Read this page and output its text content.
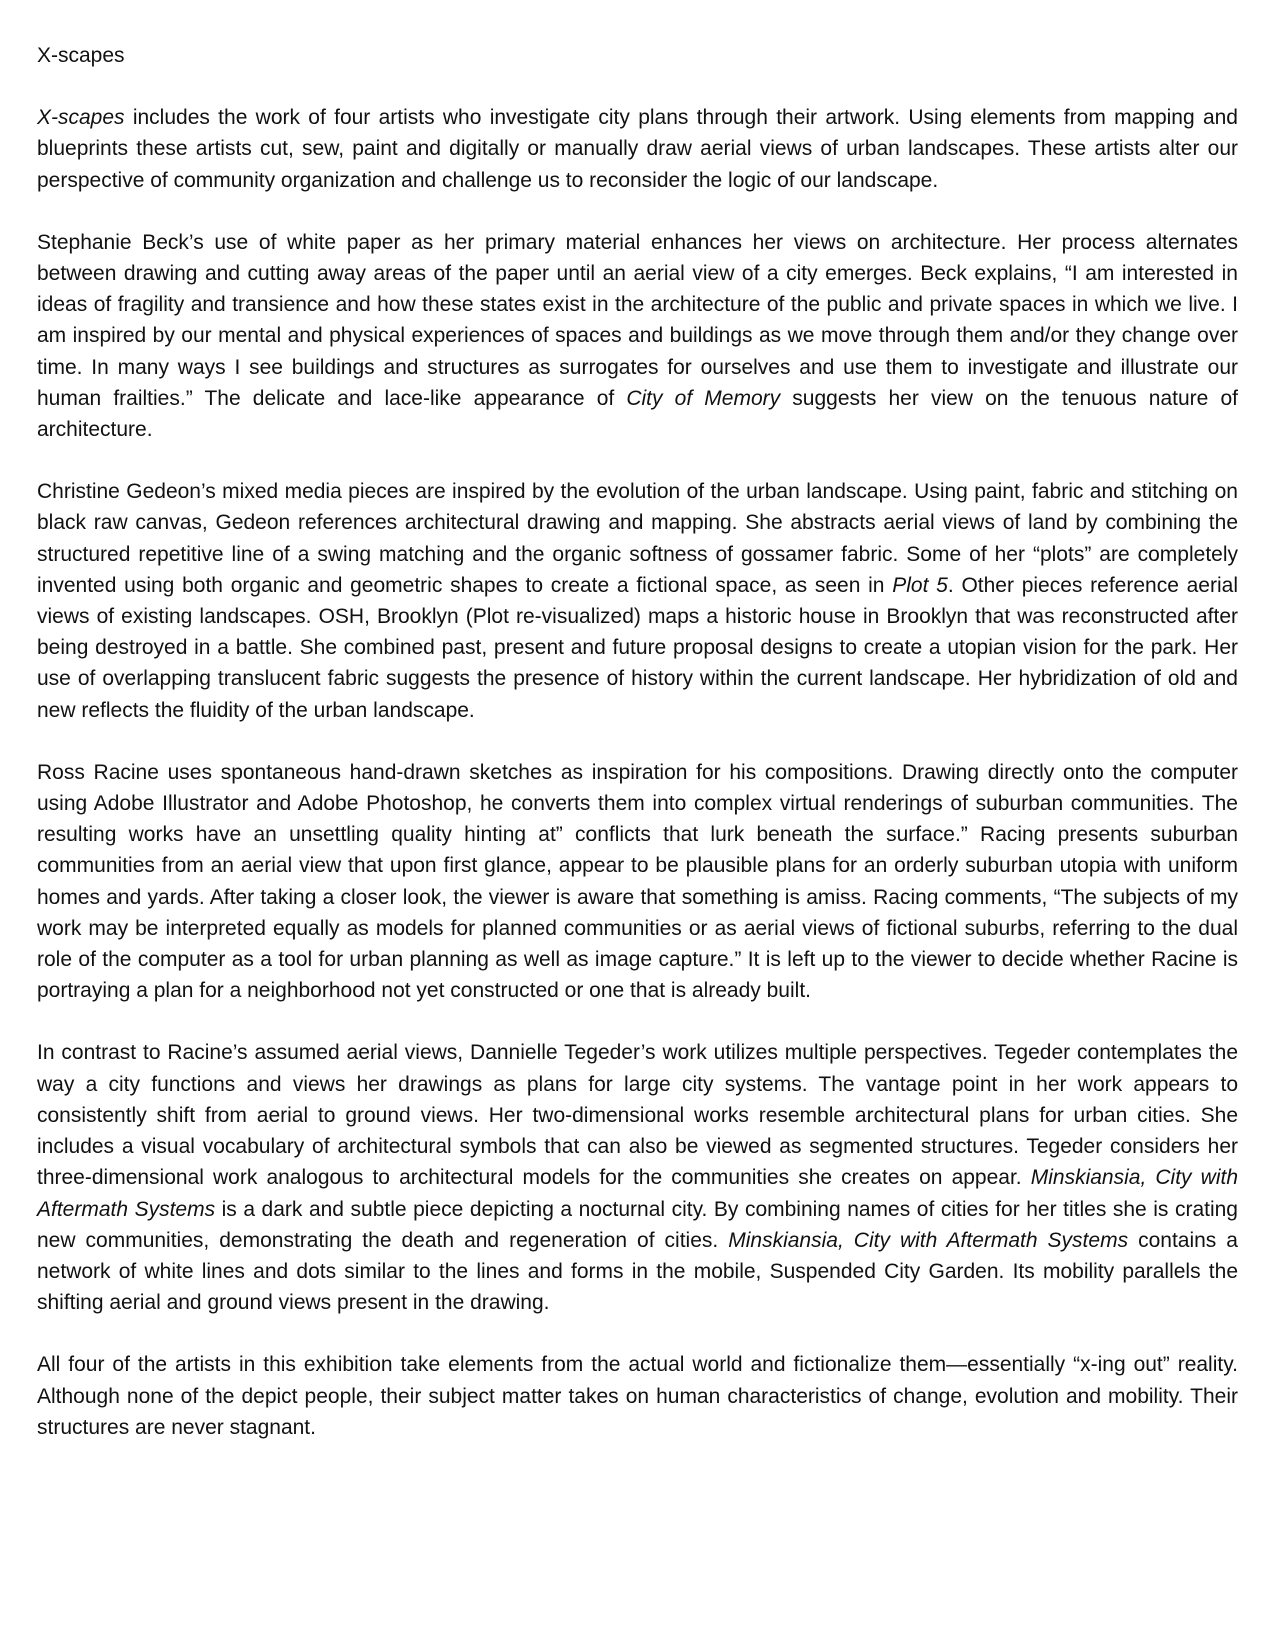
X-scapes

X-scapes includes the work of four artists who investigate city plans through their artwork. Using elements from mapping and blueprints these artists cut, sew, paint and digitally or manually draw aerial views of urban landscapes. These artists alter our perspective of community organization and challenge us to reconsider the logic of our landscape.

Stephanie Beck’s use of white paper as her primary material enhances her views on architecture. Her process alternates between drawing and cutting away areas of the paper until an aerial view of a city emerges. Beck explains, “I am interested in ideas of fragility and transience and how these states exist in the architecture of the public and private spaces in which we live. I am inspired by our mental and physical experiences of spaces and buildings as we move through them and/or they change over time. In many ways I see buildings and structures as surrogates for ourselves and use them to investigate and illustrate our human frailties.” The delicate and lace-like appearance of City of Memory suggests her view on the tenuous nature of architecture.

Christine Gedeon’s mixed media pieces are inspired by the evolution of the urban landscape. Using paint, fabric and stitching on black raw canvas, Gedeon references architectural drawing and mapping. She abstracts aerial views of land by combining the structured repetitive line of a swing matching and the organic softness of gossamer fabric. Some of her “plots” are completely invented using both organic and geometric shapes to create a fictional space, as seen in Plot 5. Other pieces reference aerial views of existing landscapes. OSH, Brooklyn (Plot re-visualized) maps a historic house in Brooklyn that was reconstructed after being destroyed in a battle. She combined past, present and future proposal designs to create a utopian vision for the park. Her use of overlapping translucent fabric suggests the presence of history within the current landscape. Her hybridization of old and new reflects the fluidity of the urban landscape.

Ross Racine uses spontaneous hand-drawn sketches as inspiration for his compositions. Drawing directly onto the computer using Adobe Illustrator and Adobe Photoshop, he converts them into complex virtual renderings of suburban communities. The resulting works have an unsettling quality hinting at” conflicts that lurk beneath the surface.” Racing presents suburban communities from an aerial view that upon first glance, appear to be plausible plans for an orderly suburban utopia with uniform homes and yards. After taking a closer look, the viewer is aware that something is amiss. Racing comments, “The subjects of my work may be interpreted equally as models for planned communities or as aerial views of fictional suburbs, referring to the dual role of the computer as a tool for urban planning as well as image capture.” It is left up to the viewer to decide whether Racine is portraying a plan for a neighborhood not yet constructed or one that is already built.

In contrast to Racine’s assumed aerial views, Dannielle Tegeder’s work utilizes multiple perspectives. Tegeder contemplates the way a city functions and views her drawings as plans for large city systems. The vantage point in her work appears to consistently shift from aerial to ground views. Her two-dimensional works resemble architectural plans for urban cities. She includes a visual vocabulary of architectural symbols that can also be viewed as segmented structures. Tegeder considers her three-dimensional work analogous to architectural models for the communities she creates on appear. Minskiansia, City with Aftermath Systems is a dark and subtle piece depicting a nocturnal city. By combining names of cities for her titles she is crating new communities, demonstrating the death and regeneration of cities. Minskiansia, City with Aftermath Systems contains a network of white lines and dots similar to the lines and forms in the mobile, Suspended City Garden. Its mobility parallels the shifting aerial and ground views present in the drawing.

All four of the artists in this exhibition take elements from the actual world and fictionalize them—essentially “x-ing out” reality. Although none of the depict people, their subject matter takes on human characteristics of change, evolution and mobility. Their structures are never stagnant.
